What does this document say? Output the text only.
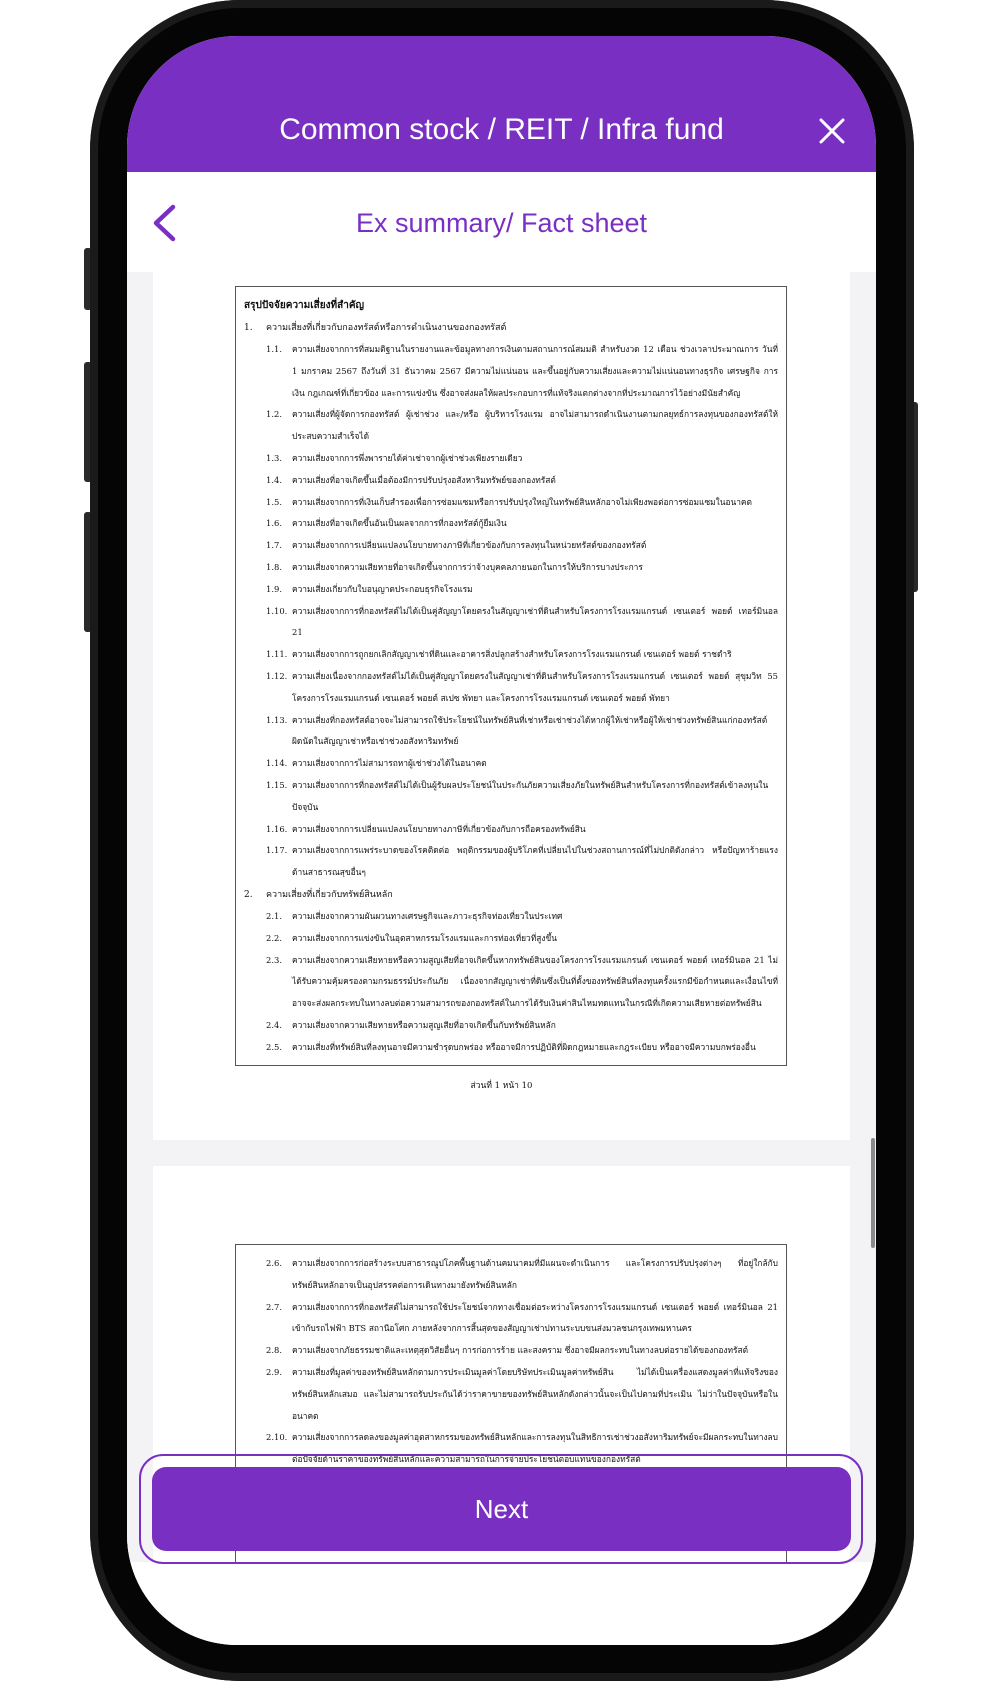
Common stock / REIT / Infra fund
Ex summary/ Fact sheet
สรุปปัจจัยความเสี่ยงที่สำคัญ
1. ความเสี่ยงที่เกี่ยวกับกองทรัสต์หรือการดำเนินงานของกองทรัสต์
1.1.	ความเสี่ยงจากการที่สมมติฐานในรายงานและข้อมูลทางการเงินตามสถานการณ์สมมติ สำหรับงวด 12 เดือน ช่วงเวลาประมาณการ วันที่ 1 มกราคม 2567 ถึงวันที่ 31 ธันวาคม 2567 มีความไม่แน่นอน และขึ้นอยู่กับความเสี่ยงและความไม่แน่นอนทางธุรกิจ เศรษฐกิจ การเงิน กฎเกณฑ์ที่เกี่ยวข้อง และการแข่งขัน ซึ่งอาจส่งผลให้ผลประกอบการที่แท้จริงแตกต่างจากที่ประมาณการไว้อย่างมีนัยสำคัญ
1.2.	ความเสี่ยงที่ผู้จัดการกองทรัสต์ ผู้เช่าช่วง และ/หรือ ผู้บริหารโรงแรม อาจไม่สามารถดำเนินงานตามกลยุทธ์การลงทุนของกองทรัสต์ให้ประสบความสำเร็จได้
1.3.	ความเสี่ยงจากการพึ่งพารายได้ค่าเช่าจากผู้เช่าช่วงเพียงรายเดียว
1.4.	ความเสี่ยงที่อาจเกิดขึ้นเมื่อต้องมีการปรับปรุงอสังหาริมทรัพย์ของกองทรัสต์
1.5.	ความเสี่ยงจากการที่เงินเก็บสำรองเพื่อการซ่อมแซมหรือการปรับปรุงใหญ่ในทรัพย์สินหลักอาจไม่เพียงพอต่อการซ่อมแซมในอนาคต
1.6.	ความเสี่ยงที่อาจเกิดขึ้นอันเป็นผลจากการที่กองทรัสต์กู้ยืมเงิน
1.7.	ความเสี่ยงจากการเปลี่ยนแปลงนโยบายทางภาษีที่เกี่ยวข้องกับการลงทุนในหน่วยทรัสต์ของกองทรัสต์
1.8.	ความเสี่ยงจากความเสียหายที่อาจเกิดขึ้นจากการว่าจ้างบุคคลภายนอกในการให้บริการบางประการ
1.9.	ความเสี่ยงเกี่ยวกับใบอนุญาตประกอบธุรกิจโรงแรม
1.10. ความเสี่ยงจากการที่กองทรัสต์ไม่ได้เป็นคู่สัญญาโดยตรงในสัญญาเช่าที่ดินสำหรับโครงการโรงแรมแกรนด์ เซนเตอร์ พอยต์ เทอร์มินอล 21
1.11. ความเสี่ยงจากการถูกยกเลิกสัญญาเช่าที่ดินและอาคารสิ่งปลูกสร้างสำหรับโครงการโรงแรมแกรนด์ เซนเตอร์ พอยต์ ราชดำริ
1.12. ความเสี่ยงเนื่องจากกองทรัสต์ไม่ได้เป็นคู่สัญญาโดยตรงในสัญญาเช่าที่ดินสำหรับโครงการโรงแรมแกรนด์ เซนเตอร์ พอยต์ สุขุมวิท 55 โครงการโรงแรมแกรนด์ เซนเตอร์ พอยต์ สเปซ พัทยา และโครงการโรงแรมแกรนด์ เซนเตอร์ พอยต์ พัทยา
1.13. ความเสี่ยงที่กองทรัสต์อาจจะไม่สามารถใช้ประโยชน์ในทรัพย์สินที่เช่าหรือเช่าช่วงได้หากผู้ให้เช่าหรือผู้ให้เช่าช่วงทรัพย์สินแก่กองทรัสต์ผิดนัดในสัญญาเช่าหรือเช่าช่วงอสังหาริมทรัพย์
1.14. ความเสี่ยงจากการไม่สามารถหาผู้เช่าช่วงได้ในอนาคต
1.15. ความเสี่ยงจากการที่กองทรัสต์ไม่ได้เป็นผู้รับผลประโยชน์ในประกันภัยความเสี่ยงภัยในทรัพย์สินสำหรับโครงการที่กองทรัสต์เข้าลงทุนในปัจจุบัน
1.16. ความเสี่ยงจากการเปลี่ยนแปลงนโยบายทางภาษีที่เกี่ยวข้องกับการถือครองทรัพย์สิน
1.17. ความเสี่ยงจากการแพร่ระบาดของโรคติดต่อ พฤติกรรมของผู้บริโภคที่เปลี่ยนไปในช่วงสถานการณ์ที่ไม่ปกติดังกล่าว หรือปัญหาร้ายแรงด้านสาธารณสุขอื่นๆ
2. ความเสี่ยงที่เกี่ยวกับทรัพย์สินหลัก
2.1.	ความเสี่ยงจากความผันผวนทางเศรษฐกิจและภาวะธุรกิจท่องเที่ยวในประเทศ
2.2.	ความเสี่ยงจากการแข่งขันในอุตสาหกรรมโรงแรมและการท่องเที่ยวที่สูงขึ้น
2.3.	ความเสี่ยงจากความเสียหายหรือความสูญเสียที่อาจเกิดขึ้นหากทรัพย์สินของโครงการโรงแรมแกรนด์ เซนเตอร์ พอยต์ เทอร์มินอล 21 ไม่ได้รับความคุ้มครองตามกรมธรรม์ประกันภัย เนื่องจากสัญญาเช่าที่ดินซึ่งเป็นที่ตั้งของทรัพย์สินที่ลงทุนครั้งแรกมีข้อกำหนดและเงื่อนไขที่อาจจะส่งผลกระทบในทางลบต่อความสามารถของกองทรัสต์ในการได้รับเงินค่าสินไหมทดแทนในกรณีที่เกิดความเสียหายต่อทรัพย์สิน
2.4.	ความเสี่ยงจากความเสียหายหรือความสูญเสียที่อาจเกิดขึ้นกับทรัพย์สินหลัก
2.5.	ความเสี่ยงที่ทรัพย์สินที่ลงทุนอาจมีความชำรุดบกพร่อง หรืออาจมีการปฏิบัติที่ผิดกฎหมายและกฎระเบียบ หรืออาจมีความบกพร่องอื่น
ส่วนที่ 1 หน้า 10
2.6.	ความเสี่ยงจากการก่อสร้างระบบสาธารณูปโภคพื้นฐานด้านคมนาคมที่มีแผนจะดำเนินการ และโครงการปรับปรุงต่างๆ ที่อยู่ใกล้กับทรัพย์สินหลักอาจเป็นอุปสรรคต่อการเดินทางมายังทรัพย์สินหลัก
2.7.	ความเสี่ยงจากการที่กองทรัสต์ไม่สามารถใช้ประโยชน์จากทางเชื่อมต่อระหว่างโครงการโรงแรมแกรนด์ เซนเตอร์ พอยต์ เทอร์มินอล 21 เข้ากับรถไฟฟ้า BTS สถานีอโศก ภายหลังจากการสิ้นสุดของสัญญาเช่าปทานระบบขนส่งมวลชนกรุงเทพมหานคร
2.8.	ความเสี่ยงจากภัยธรรมชาติและเหตุสุดวิสัยอื่นๆ การก่อการร้าย และสงคราม ซึ่งอาจมีผลกระทบในทางลบต่อรายได้ของกองทรัสต์
2.9.	ความเสี่ยงที่มูลค่าของทรัพย์สินหลักตามการประเมินมูลค่าโดยบริษัทประเมินมูลค่าทรัพย์สิน ไม่ได้เป็นเครื่องแสดงมูลค่าที่แท้จริงของทรัพย์สินหลักเสมอ และไม่สามารถรับประกันได้ว่าราคาขายของทรัพย์สินหลักดังกล่าวนั้นจะเป็นไปตามที่ประเมิน ไม่ว่าในปัจจุบันหรือในอนาคต
2.10. ความเสี่ยงจากการลดลงของมูลค่าอุตสาหกรรมของทรัพย์สินหลักและการลงทุนในสิทธิการเช่าช่วงอสังหาริมทรัพย์จะมีผลกระทบในทางลบต่อปัจจัยด้านราคาของทรัพย์สินหลักและความสามารถในการจ่ายประโยชน์ตอบแทนของกองทรัสต์
Next
